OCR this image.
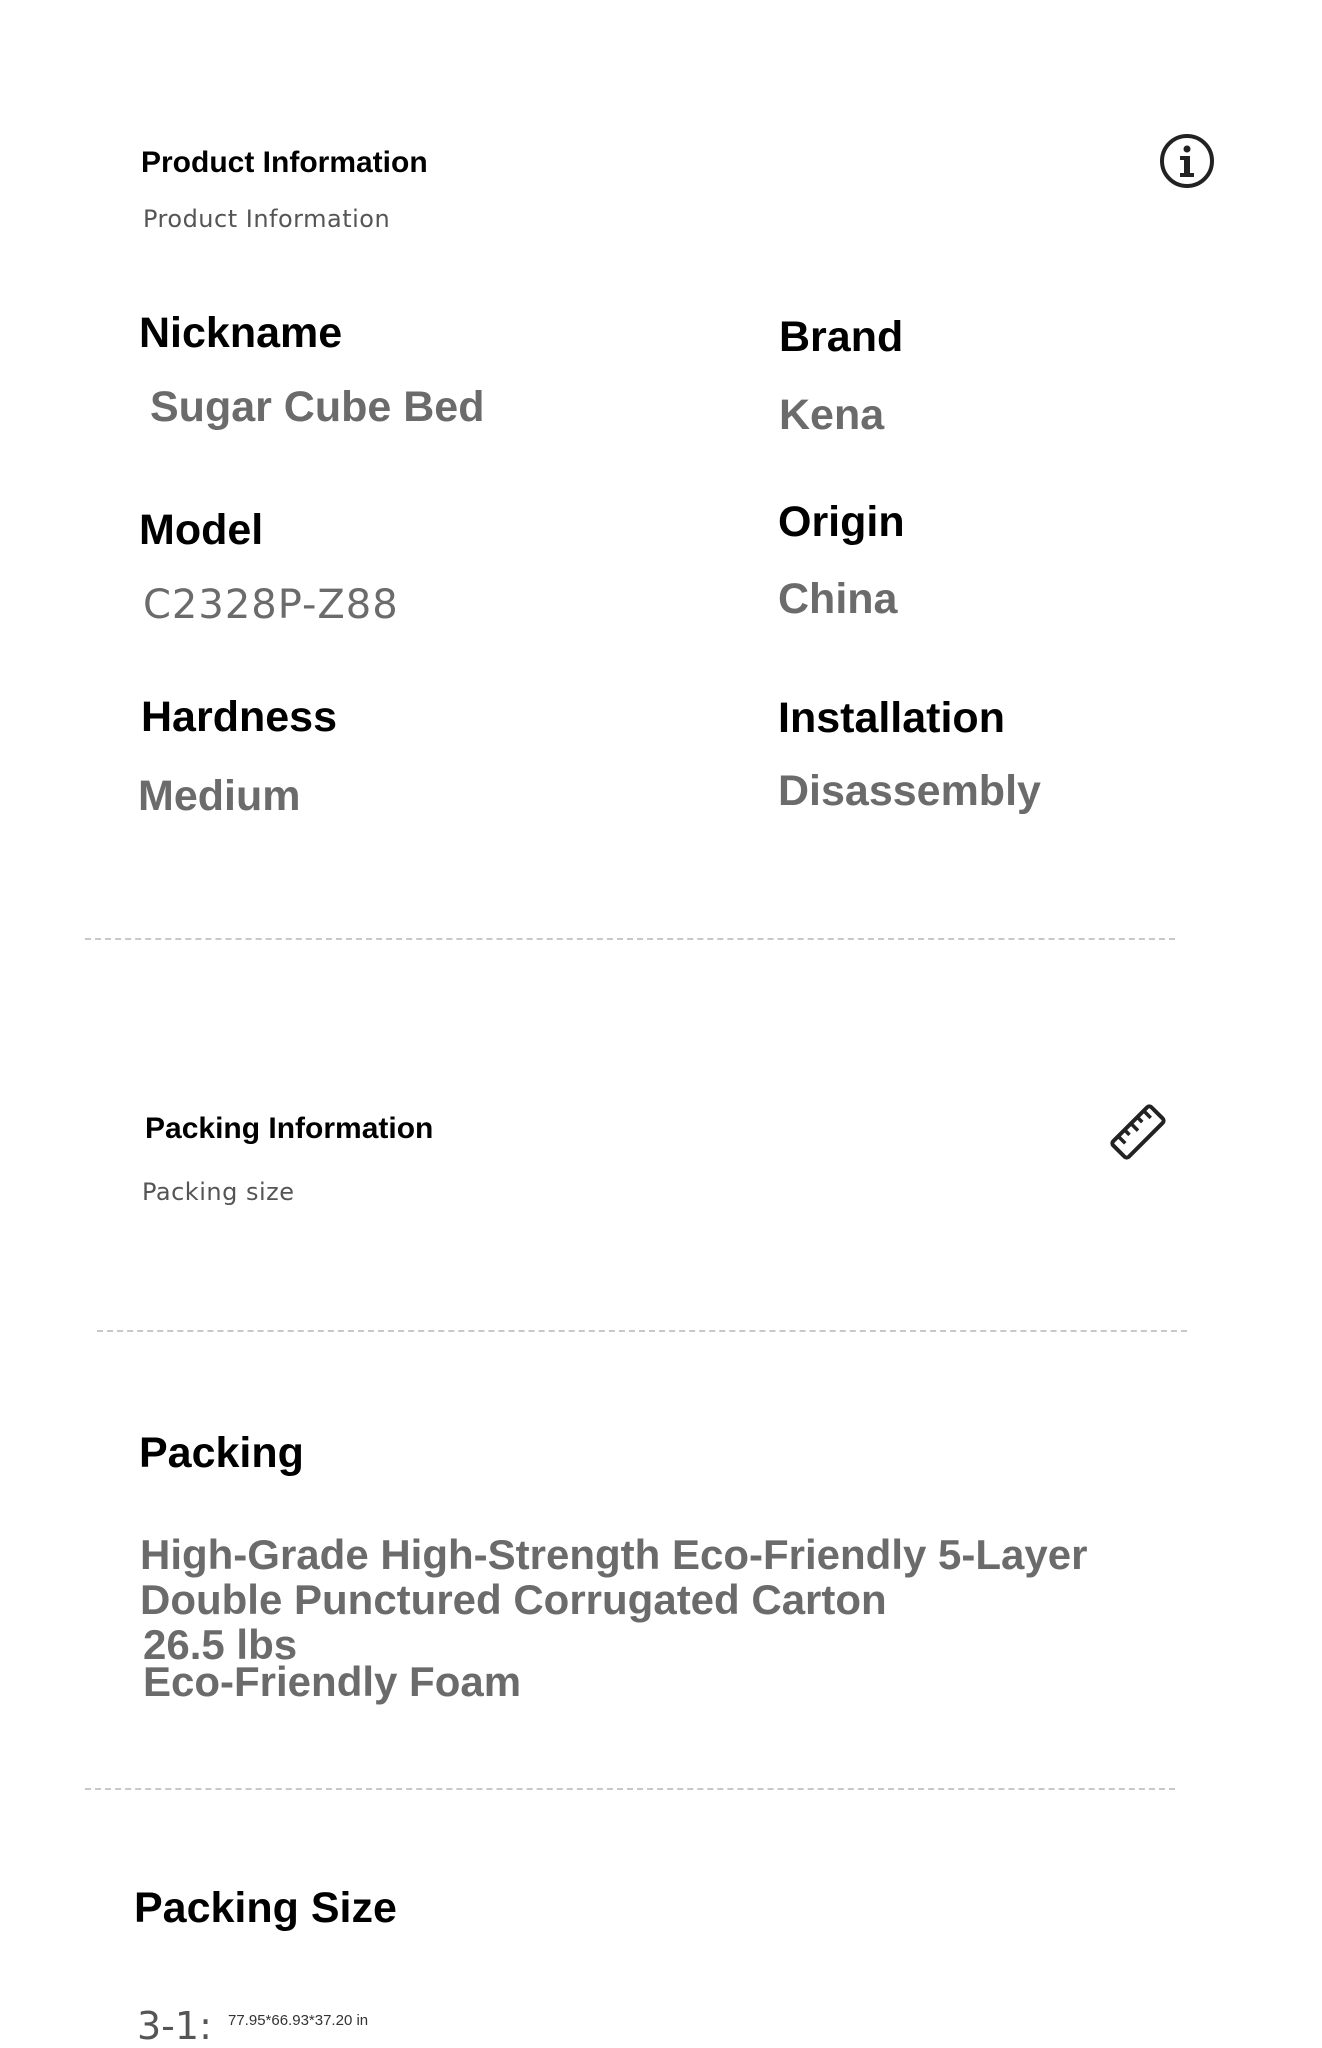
Product Information
Product Information
Nickname
Sugar Cube Bed
Brand
Kena
Model
C2328P-Z88
Origin
China
Hardness
Medium
Installation
Disassembly
Packing Information
Packing size
Packing
High-Grade High-Strength Eco-Friendly 5-Layer
Double Punctured Corrugated Carton
26.5 lbs
Eco-Friendly Foam
Packing Size
3-1: 77.95*66.93*37.20 in
